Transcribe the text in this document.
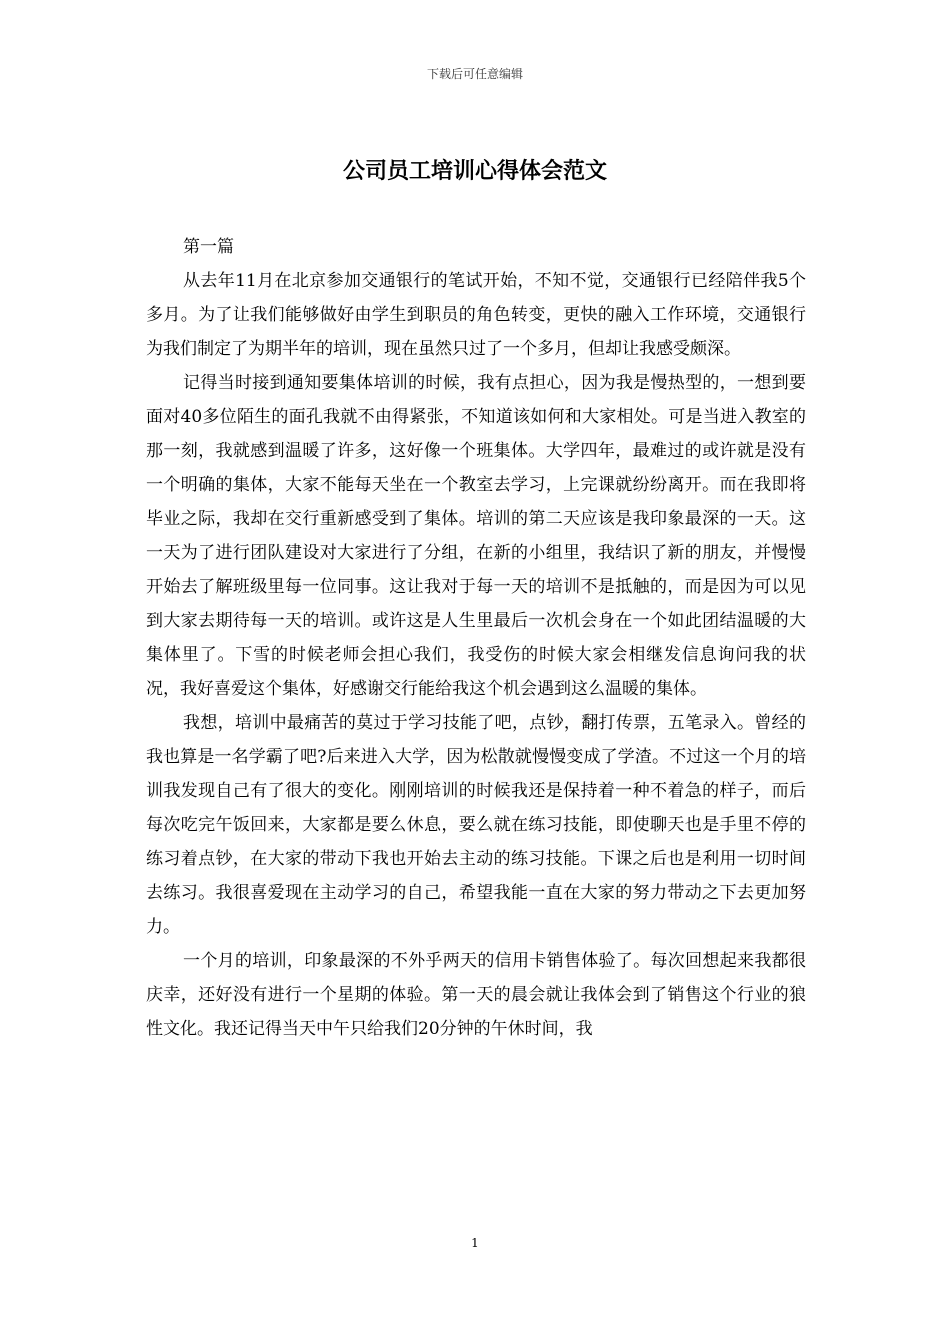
下载后可任意编辑
公司员工培训心得体会范文

第一篇

从去年11月在北京参加交通银行的笔试开始，不知不觉，交通银行已经陪伴我5个多月。为了让我们能够做好由学生到职员的角色转变，更快的融入工作环境，交通银行为我们制定了为期半年的培训，现在虽然只过了一个多月，但却让我感受颇深。

记得当时接到通知要集体培训的时候，我有点担心，因为我是慢热型的，一想到要面对40多位陌生的面孔我就不由得紧张，不知道该如何和大家相处。可是当进入教室的那一刻，我就感到温暖了许多，这好像一个班集体。大学四年，最难过的或许就是没有一个明确的集体，大家不能每天坐在一个教室去学习，上完课就纷纷离开。而在我即将毕业之际，我却在交行重新感受到了集体。培训的第二天应该是我印象最深的一天。这一天为了进行团队建设对大家进行了分组，在新的小组里，我结识了新的朋友，并慢慢开始去了解班级里每一位同事。这让我对于每一天的培训不是抵触的，而是因为可以见到大家去期待每一天的培训。或许这是人生里最后一次机会身在一个如此团结温暖的大集体里了。下雪的时候老师会担心我们，我受伤的时候大家会相继发信息询问我的状况，我好喜爱这个集体，好感谢交行能给我这个机会遇到这么温暖的集体。

我想，培训中最痛苦的莫过于学习技能了吧，点钞，翻打传票，五笔录入。曾经的我也算是一名学霸了吧?后来进入大学，因为松散就慢慢变成了学渣。不过这一个月的培训我发现自己有了很大的变化。刚刚培训的时候我还是保持着一种不着急的样子，而后每次吃完午饭回来，大家都是要么休息，要么就在练习技能，即使聊天也是手里不停的练习着点钞，在大家的带动下我也开始去主动的练习技能。下课之后也是利用一切时间去练习。我很喜爱现在主动学习的自己，希望我能一直在大家的努力带动之下去更加努力。

一个月的培训，印象最深的不外乎两天的信用卡销售体验了。每次回想起来我都很庆幸，还好没有进行一个星期的体验。第一天的晨会就让我体会到了销售这个行业的狼性文化。我还记得当天中午只给我们20分钟的午休时间，我

1
